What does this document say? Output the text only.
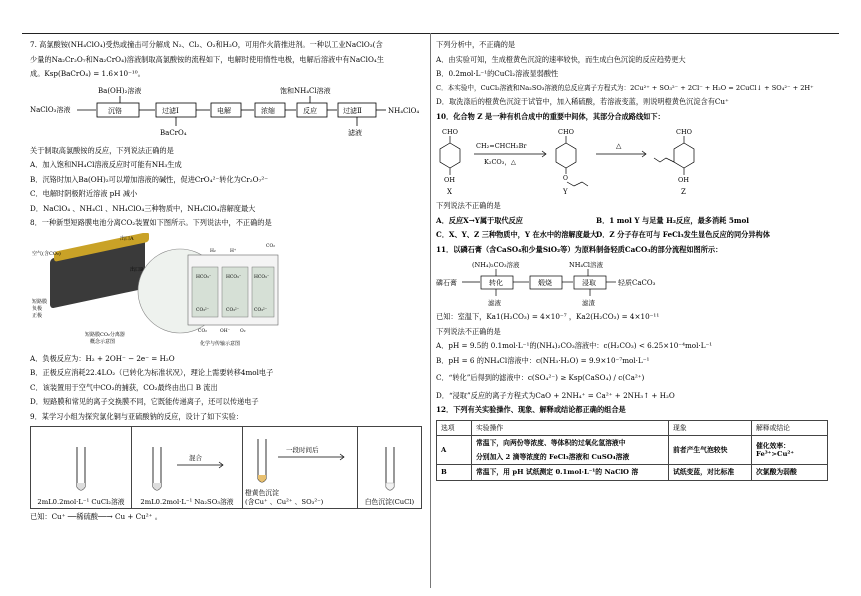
7. 高氯酸铵(NH₄ClO₄)受热或撞击可分解成 N₂、Cl₂、O₂和H₂O，可用作火箭推进剂。一种以工业NaClO₃(含
少量的Na₂Cr₂O₇和Na₂CrO₄)溶液制取高氯酸铵的流程如下，电解时使用惰性电极，电解后溶液中有NaClO₄生
成。Ksp(BaCrO₄) = 1.6×10⁻¹⁰。
Ba(OH)₂溶液	饱和NH₄Cl溶液
NaClO₃溶液	沉铬	过滤Ⅰ	电解	浓缩	反应	过滤Ⅱ	NH₄ClO₄
BaCrO₄	滤液
关于制取高氯酸铵的反应，下列说法正确的是
A．加入饱和NH₄Cl溶液反应时可能有NH₃生成
B．沉铬时加入Ba(OH)₂可以增加溶液的碱性，促进CrO₄²⁻转化为Cr₂O₇²⁻
C．电解时阴极附近溶液 pH 减小
D．NaClO₄ 、NH₄Cl 、NH₄ClO₄三种物质中，NH₄ClO₄溶解度最大
8．一种新型短路膜电池分离CO₂装置如下图所示。下列说法中，不正确的是
出口A
出口B
空气(含CO₂)
短路膜
负极
正极
短路膜CO₂分离器
概念示意图
HCO₃⁻	HCO₃⁻	HCO₃⁻
CO₃²⁻	CO₃²⁻	CO₃²⁻
H₂	H⁺
CO₂
OH⁻ O₂
CO₂
化学与传输示意图
A．负极反应为：H₂ + 2OH⁻ − 2e⁻ = H₂O
B．正极反应消耗22.4LO₂（已转化为标准状况），理论上需要转移4mol电子
C．该装置用于空气中CO₂的捕获，CO₂最终由出口 B 流出
D．短路膜和常见的离子交换膜不同，它既能传递离子，还可以传递电子
9．某学习小组为探究氯化铜与亚硫酸钠的反应，设计了如下实验：
2mL0.2mol·L⁻¹ CuCl₂溶液

混合
2mL0.2mol·L⁻¹ Na₂SO₃溶液

一段时间后
橙黄色沉淀
(含Cu⁺ 、Cu²⁺ 、SO₃²⁻)	白色沉淀(CuCl)
已知：Cu⁺ ──稀硫酸──→ Cu + Cu²⁺ 。
下列分析中，不正确的是
A．由实验可知，生成橙黄色沉淀的速率较快，而生成白色沉淀的反应趋势更大
B．0.2mol·L⁻¹的CuCl₂溶液显弱酸性
C．本实验中，CuCl₂溶液和Na₂SO₃溶液的总反应离子方程式为：2Cu²⁺ + SO₃²⁻ + 2Cl⁻ + H₂O = 2CuCl↓ + SO₄²⁻ + 2H⁺
D．取洗涤后的橙黄色沉淀于试管中，加入稀硫酸，若溶液变蓝，则说明橙黄色沉淀含有Cu⁺
10．化合物 Z 是一种有机合成中的重要中间体，其部分合成路线如下：
CHO
OH
X
CH₂=CHCH₂Br
K₂CO₃，△
CHO
O
Y
△
CHO
OH
Z
下列说法不正确的是
A．反应X→Y属于取代反应	B．1 mol Y 与足量 H₂反应，最多消耗 5mol
C．X、Y、Z 三种物质中，Y 在水中的溶解度最大
D．Z 分子存在可与 FeCl₃发生显色反应的同分异构体
11．以磷石膏（含CaSO₄和少量SiO₂等）为原料制备轻质CaCO₃的部分流程如图所示：
(NH₄)₂CO₃溶液	NH₄Cl溶液
磷石膏	转化	煅烧	浸取	轻质CaCO₃
滤液	滤渣
已知：室温下，Ka1(H₂CO₃) = 4×10⁻⁷ ，Ka2(H₂CO₃) = 4×10⁻¹¹
下列说法不正确的是
A．pH = 9.5的 0.1mol·L⁻¹的(NH₄)₂CO₃溶液中：c(H₂CO₃) < 6.25×10⁻⁴mol·L⁻¹
B．pH = 6 的NH₄Cl溶液中：c(NH₃·H₂O) = 9.9×10⁻⁷mol·L⁻¹
C．“转化”后得到的滤液中：c(SO₄²⁻) ≥ Ksp(CaSO₄) / c(Ca²⁺)
D．“浸取”反应的离子方程式为CaO + 2NH₄⁺ = Ca²⁺ + 2NH₃↑ + H₂O
12．下列有关实验操作、现象、解释或结论都正确的组合是
选项	实验操作	现象	解释或结论
A	常温下，向两份等浓度、等体积的过氧化氢溶液中
分别加入 2 滴等浓度的 FeCl₃溶液和 CuSO₄溶液	前者产生气泡较快	催化效率：Fe³⁺>Cu²⁺
B	常温下，用 pH 试纸测定 0.1mol·L⁻¹的 NaClO 溶	试纸变蓝，对比标准	次氯酸为弱酸
